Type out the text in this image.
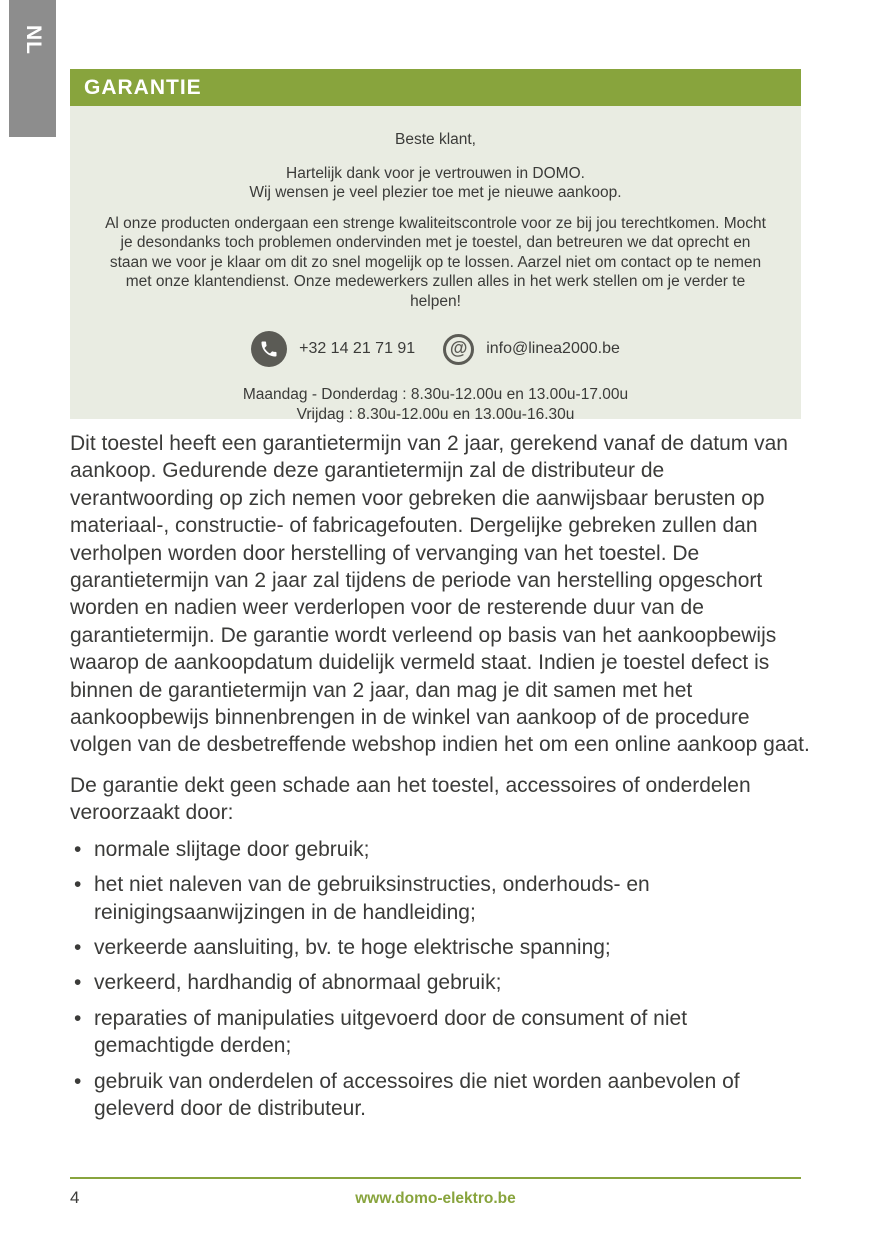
NL
GARANTIE
Beste klant,
Hartelijk dank voor je vertrouwen in DOMO.
Wij wensen je veel plezier toe met je nieuwe aankoop.
Al onze producten ondergaan een strenge kwaliteitscontrole voor ze bij jou terechtkomen. Mocht je desondanks toch problemen ondervinden met je toestel, dan betreuren we dat oprecht en staan we voor je klaar om dit zo snel mogelijk op te lossen. Aarzel niet om contact op te nemen met onze klantendienst. Onze medewerkers zullen alles in het werk stellen om je verder te helpen!
+32 14 21 71 91	@	info@linea2000.be
Maandag - Donderdag : 8.30u-12.00u en 13.00u-17.00u
Vrijdag : 8.30u-12.00u en 13.00u-16.30u

Dit toestel heeft een garantietermijn van 2 jaar, gerekend vanaf de datum van aankoop. Gedurende deze garantietermijn zal de distributeur de verantwoording op zich nemen voor gebreken die aanwijsbaar berusten op materiaal-, constructie- of fabricagefouten. Dergelijke gebreken zullen dan verholpen worden door herstelling of vervanging van het toestel. De garantietermijn van 2 jaar zal tijdens de periode van herstelling opgeschort worden en nadien weer verderlopen voor de resterende duur van de garantietermijn. De garantie wordt verleend op basis van het aankoopbewijs waarop de aankoopdatum duidelijk vermeld staat. Indien je toestel defect is binnen de garantietermijn van 2 jaar, dan mag je dit samen met het aankoopbewijs binnenbrengen in de winkel van aankoop of de procedure volgen van de desbetreffende webshop indien het om een online aankoop gaat.

De garantie dekt geen schade aan het toestel, accessoires of onderdelen veroorzaakt door:

• normale slijtage door gebruik;
• het niet naleven van de gebruiksinstructies, onderhouds- en reinigingsaanwijzingen in de handleiding;
• verkeerde aansluiting, bv. te hoge elektrische spanning;
• verkeerd, hardhandig of abnormaal gebruik;
• reparaties of manipulaties uitgevoerd door de consument of niet gemachtigde derden;
• gebruik van onderdelen of accessoires die niet worden aanbevolen of geleverd door de distributeur.
4	www.domo-elektro.be
